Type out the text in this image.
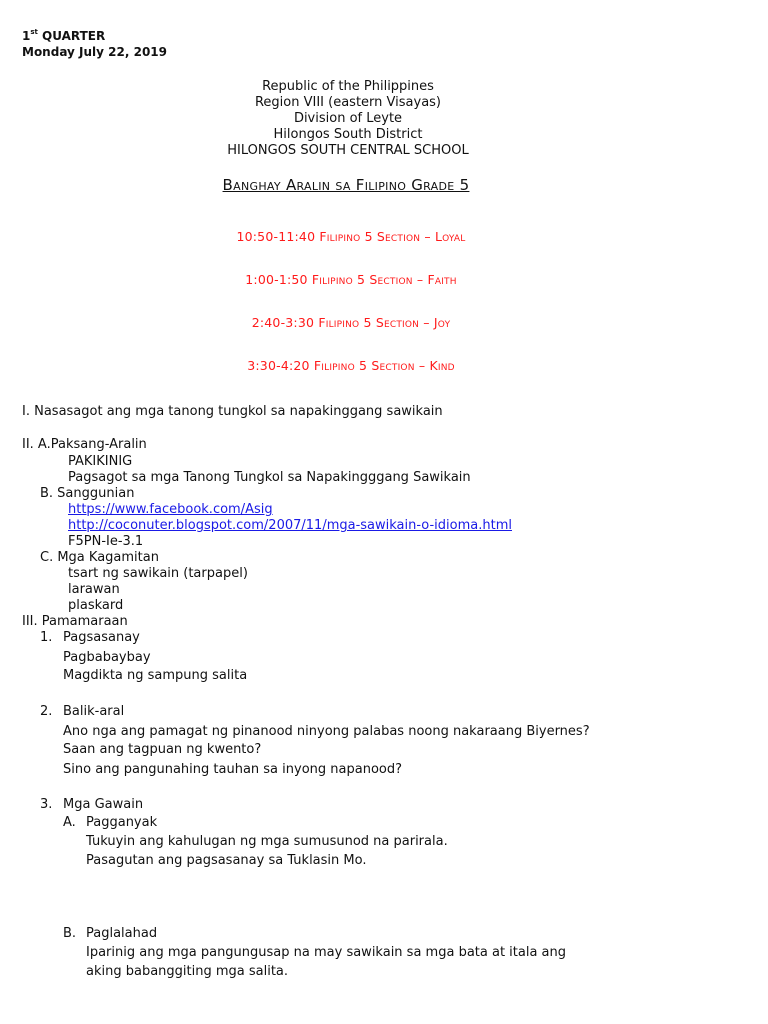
1st QUARTER
Monday July 22, 2019
Republic of the Philippines
Region VIII (eastern Visayas)
Division of Leyte
Hilongos South District
HILONGOS SOUTH CENTRAL SCHOOL
Banghay Aralin sa Filipino Grade 5
10:50-11:40 Filipino 5 Section – Loyal
1:00-1:50 Filipino 5 Section – Faith
2:40-3:30 Filipino 5 Section – Joy
3:30-4:20 Filipino 5 Section – Kind
I. Nasasagot ang mga tanong tungkol sa napakinggang sawikain
II. A.Paksang-Aralin
PAKIKINIG
Pagsagot sa mga Tanong Tungkol sa Napakingggang Sawikain
B. Sanggunian
https://www.facebook.com/Asig
http://coconuter.blogspot.com/2007/11/mga-sawikain-o-idioma.html
F5PN-Ie-3.1
C. Mga Kagamitan
tsart ng sawikain (tarpapel)
larawan
plaskard
III. Pamamaraan
1. Pagsasanay
Pagbabaybay
Magdikta ng sampung salita
2. Balik-aral
Ano nga ang pamagat ng pinanood ninyong palabas noong nakaraang Biyernes?
Saan ang tagpuan ng kwento?
Sino ang pangunahing tauhan sa inyong napanood?
3. Mga Gawain
A. Pagganyak
Tukuyin ang kahulugan ng mga sumusunod na parirala.
Pasagutan ang pagsasanay sa Tuklasin Mo.
B. Paglalahad
Iparinig ang mga pangungusap na may sawikain sa mga bata at itala ang
aking babanggiting mga salita.
